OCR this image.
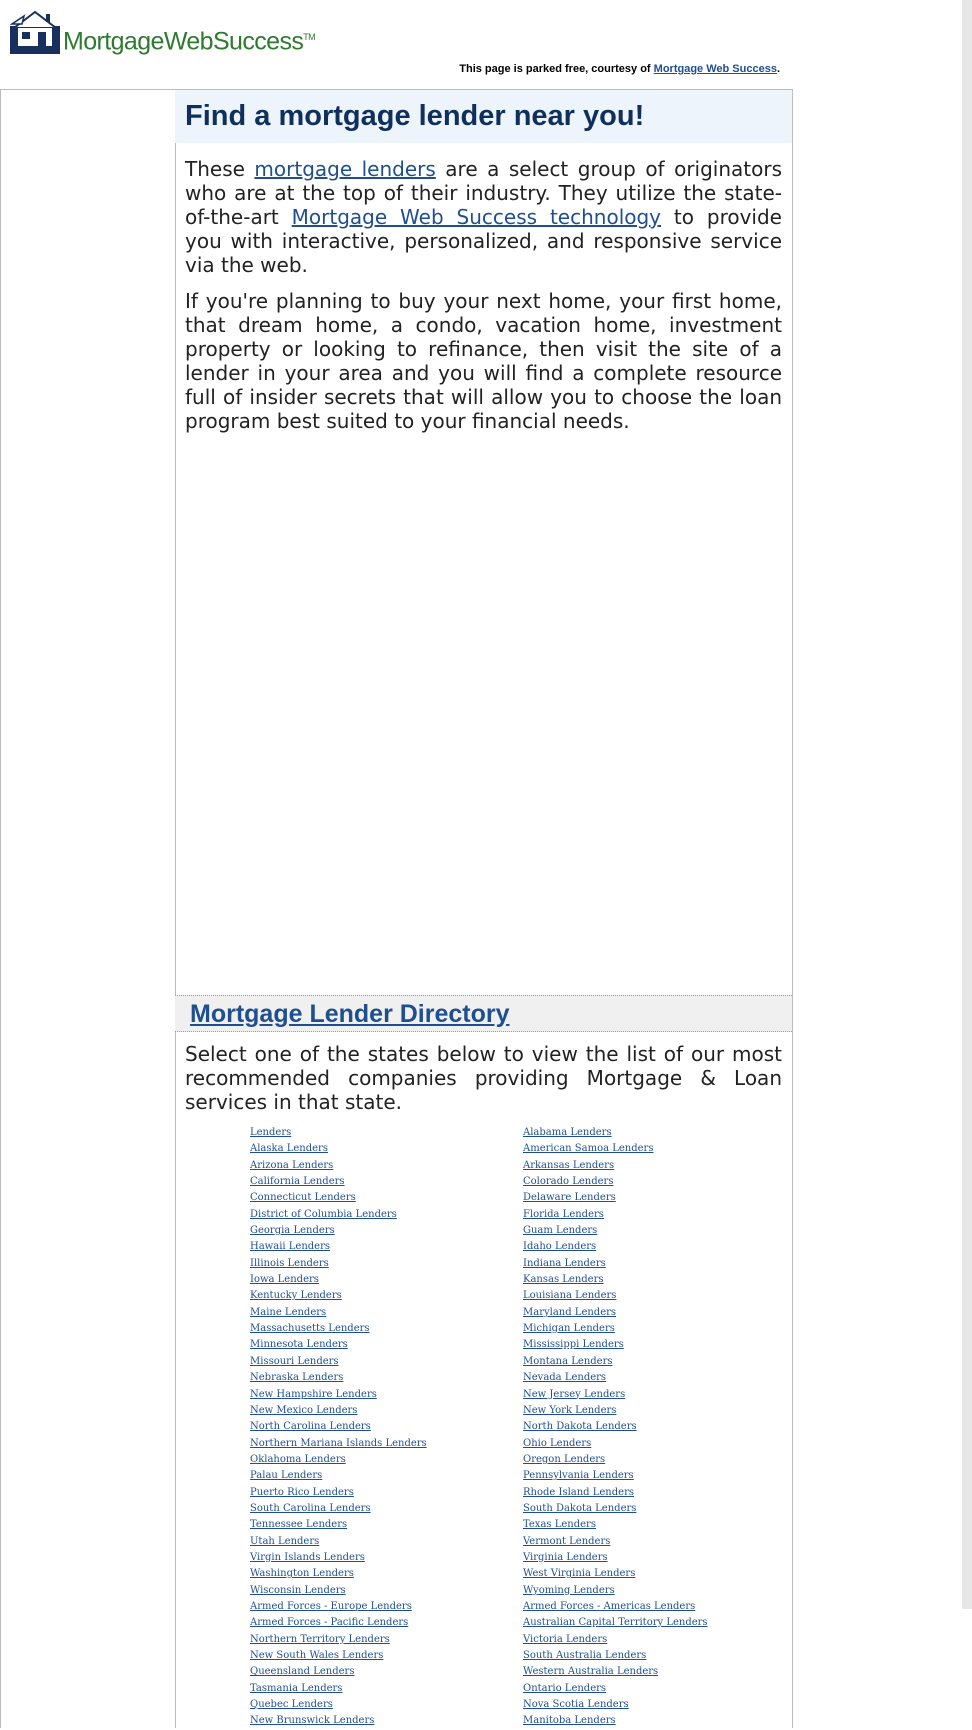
MortgageWebSuccess™
This page is parked free, courtesy of Mortgage Web Success.
Find a mortgage lender near you!

These mortgage lenders are a select group of originators who are at the top of their industry. They utilize the state-of-the-art Mortgage Web Success technology to provide you with interactive, personalized, and responsive service via the web.

If you're planning to buy your next home, your first home, that dream home, a condo, vacation home, investment property or looking to refinance, then visit the site of a lender in your area and you will find a complete resource full of insider secrets that will allow you to choose the loan program best suited to your financial needs.

Mortgage Lender Directory

Select one of the states below to view the list of our most recommended companies providing Mortgage & Loan services in that state.

Lenders
Alaska Lenders
Arizona Lenders
California Lenders
Connecticut Lenders
District of Columbia Lenders
Georgia Lenders
Hawaii Lenders
Illinois Lenders
Iowa Lenders
Kentucky Lenders
Maine Lenders
Massachusetts Lenders
Minnesota Lenders
Missouri Lenders
Nebraska Lenders
New Hampshire Lenders
New Mexico Lenders
North Carolina Lenders
Northern Mariana Islands Lenders
Oklahoma Lenders
Palau Lenders
Puerto Rico Lenders
South Carolina Lenders
Tennessee Lenders
Utah Lenders
Virgin Islands Lenders
Washington Lenders
Wisconsin Lenders
Armed Forces - Europe Lenders
Armed Forces - Pacific Lenders
Northern Territory Lenders
New South Wales Lenders
Queensland Lenders
Tasmania Lenders
Quebec Lenders
New Brunswick Lenders
Alabama Lenders
American Samoa Lenders
Arkansas Lenders
Colorado Lenders
Delaware Lenders
Florida Lenders
Guam Lenders
Idaho Lenders
Indiana Lenders
Kansas Lenders
Louisiana Lenders
Maryland Lenders
Michigan Lenders
Mississippi Lenders
Montana Lenders
Nevada Lenders
New Jersey Lenders
New York Lenders
North Dakota Lenders
Ohio Lenders
Oregon Lenders
Pennsylvania Lenders
Rhode Island Lenders
South Dakota Lenders
Texas Lenders
Vermont Lenders
Virginia Lenders
West Virginia Lenders
Wyoming Lenders
Armed Forces - Americas Lenders
Australian Capital Territory Lenders
Victoria Lenders
South Australia Lenders
Western Australia Lenders
Ontario Lenders
Nova Scotia Lenders
Manitoba Lenders
